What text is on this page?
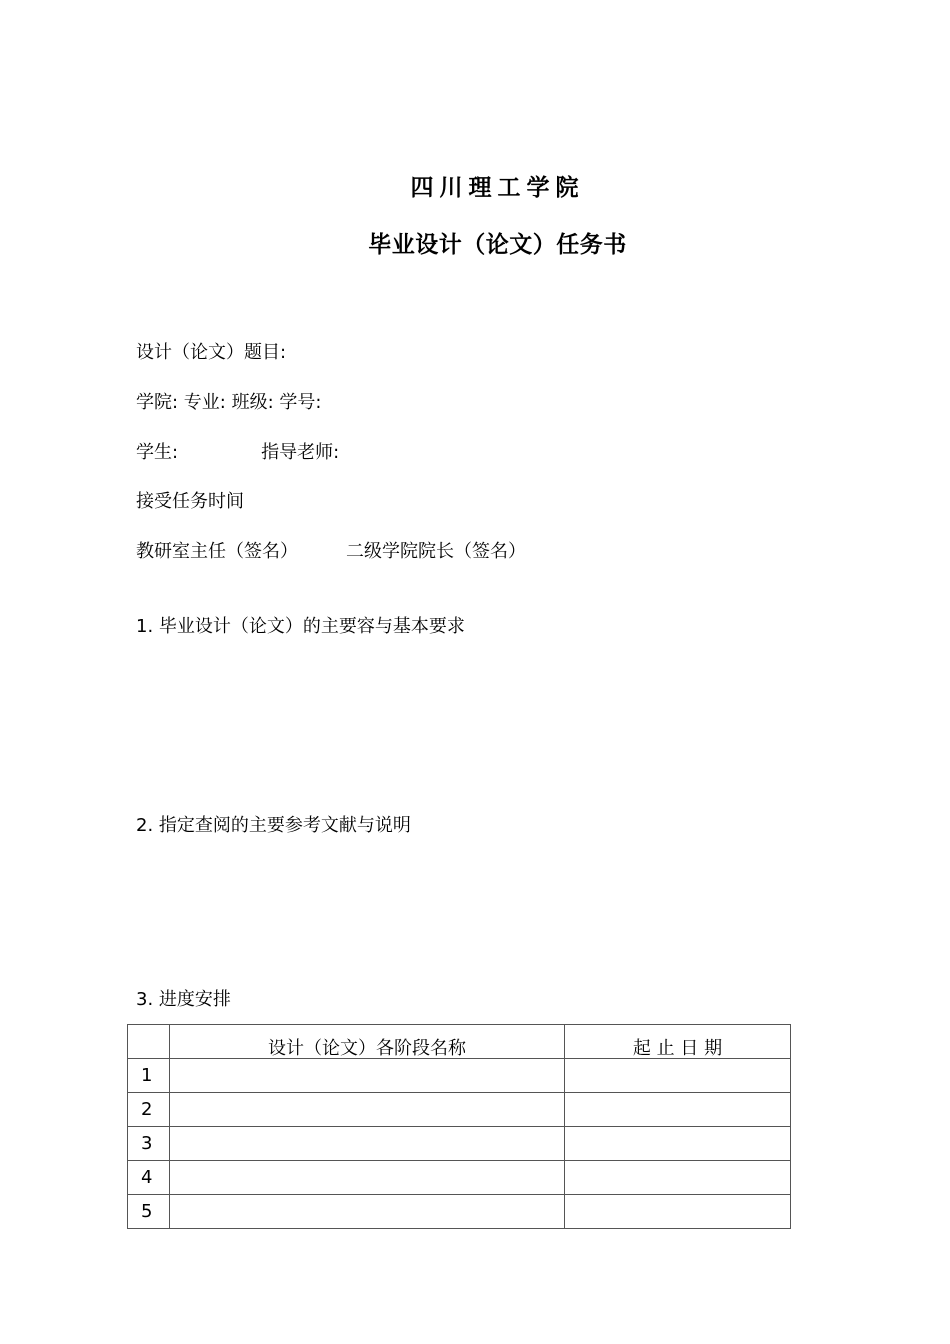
四川理工学院
毕业设计（论文）任务书
设计（论文）题目:
学院: 专业: 班级: 学号:
学生:	指导老师:
接受任务时间
教研室主任（签名）	二级学院院长（签名）
1. 毕业设计（论文）的主要容与基本要求
2. 指定查阅的主要参考文献与说明
3. 进度安排
	设计（论文）各阶段名称	起 止 日 期
1		
2		
3		
4		
5		
